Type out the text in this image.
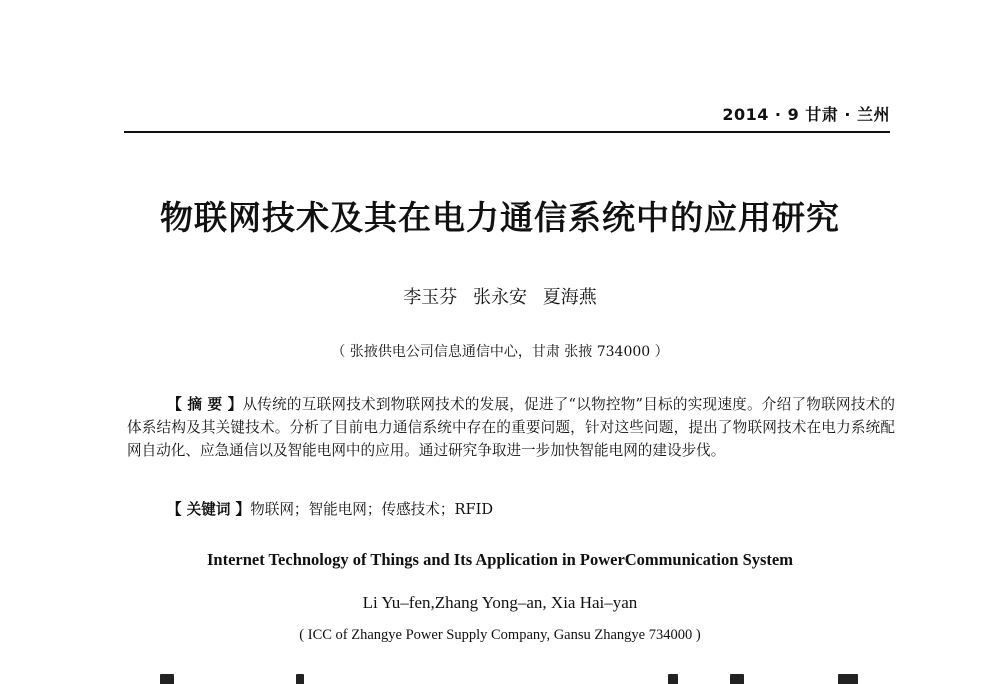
2014 · 9 甘肃 · 兰州
物联网技术及其在电力通信系统中的应用研究
李玉芬 张永安 夏海燕
（ 张掖供电公司信息通信中心，甘肃 张掖 734000 ）
【 摘 要 】从传统的互联网技术到物联网技术的发展，促进了“以物控物”目标的实现速度。介绍了物联网技术的体系结构及其关键技术。分析了目前电力通信系统中存在的重要问题，针对这些问题，提出了物联网技术在电力系统配网自动化、应急通信以及智能电网中的应用。通过研究争取进一步加快智能电网的建设步伐。
【 关键词 】物联网；智能电网；传感技术；RFID
Internet Technology of Things and Its Application in PowerCommunication System
Li Yu–fen,Zhang Yong–an, Xia Hai–yan
( ICC of Zhangye Power Supply Company, Gansu Zhangye 734000 )
